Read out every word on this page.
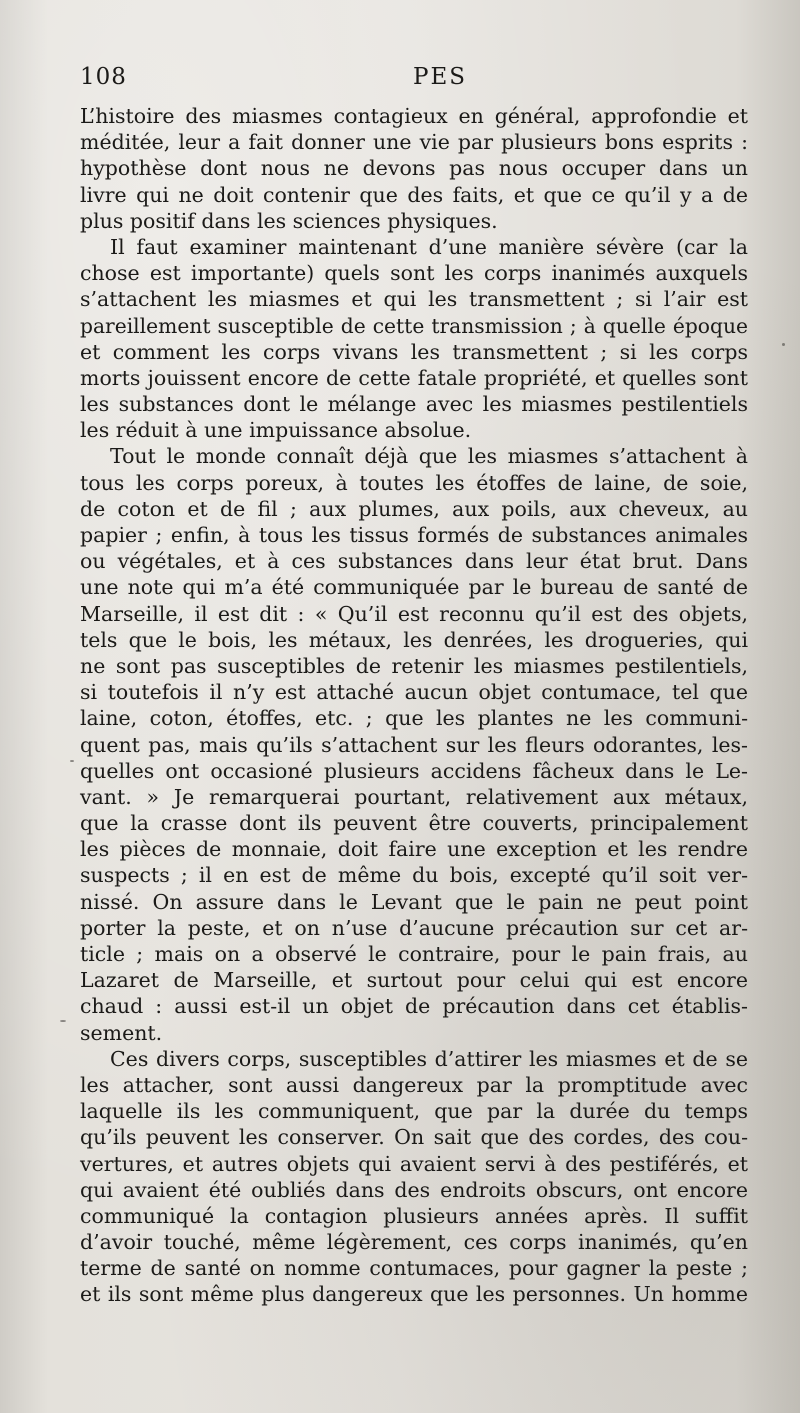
108	PES
L’histoire des miasmes contagieux en général, approfondie et
méditée, leur a fait donner une vie par plusieurs bons esprits :
hypothèse dont nous ne devons pas nous occuper dans un
livre qui ne doit contenir que des faits, et que ce qu’il y a de
plus positif dans les sciences physiques.
Il faut examiner maintenant d’une manière sévère (car la
chose est importante) quels sont les corps inanimés auxquels
s’attachent les miasmes et qui les transmettent ; si l’air est
pareillement susceptible de cette transmission ; à quelle époque
et comment les corps vivans les transmettent ; si les corps
morts jouissent encore de cette fatale propriété, et quelles sont
les substances dont le mélange avec les miasmes pestilentiels
les réduit à une impuissance absolue.
Tout le monde connaît déjà que les miasmes s’attachent à
tous les corps poreux, à toutes les étoffes de laine, de soie,
de coton et de fil ; aux plumes, aux poils, aux cheveux, au
papier ; enfin, à tous les tissus formés de substances animales
ou végétales, et à ces substances dans leur état brut. Dans
une note qui m’a été communiquée par le bureau de santé de
Marseille, il est dit : « Qu’il est reconnu qu’il est des objets,
tels que le bois, les métaux, les denrées, les drogueries, qui
ne sont pas susceptibles de retenir les miasmes pestilentiels,
si toutefois il n’y est attaché aucun objet contumace, tel que
laine, coton, étoffes, etc. ; que les plantes ne les communi-
quent pas, mais qu’ils s’attachent sur les fleurs odorantes, les-
quelles ont occasioné plusieurs accidens fâcheux dans le Le-
vant. » Je remarquerai pourtant, relativement aux métaux,
que la crasse dont ils peuvent être couverts, principalement
les pièces de monnaie, doit faire une exception et les rendre
suspects ; il en est de même du bois, excepté qu’il soit ver-
nissé. On assure dans le Levant que le pain ne peut point
porter la peste, et on n’use d’aucune précaution sur cet ar-
ticle ; mais on a observé le contraire, pour le pain frais, au
Lazaret de Marseille, et surtout pour celui qui est encore
chaud : aussi est-il un objet de précaution dans cet établis-
sement.
Ces divers corps, susceptibles d’attirer les miasmes et de se
les attacher, sont aussi dangereux par la promptitude avec
laquelle ils les communiquent, que par la durée du temps
qu’ils peuvent les conserver. On sait que des cordes, des cou-
vertures, et autres objets qui avaient servi à des pestiférés, et
qui avaient été oubliés dans des endroits obscurs, ont encore
communiqué la contagion plusieurs années après. Il suffit
d’avoir touché, même légèrement, ces corps inanimés, qu’en
terme de santé on nomme contumaces, pour gagner la peste ;
et ils sont même plus dangereux que les personnes. Un homme
